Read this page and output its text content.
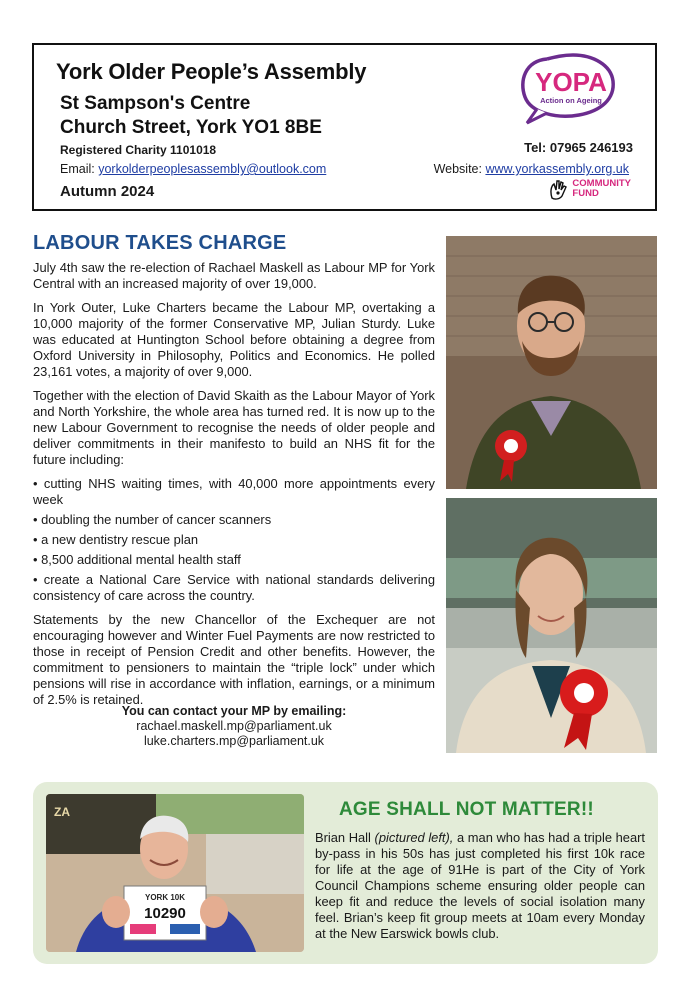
York Older People’s Assembly
St Sampson's Centre
Church Street, York YO1 8BE
Registered Charity 1101018	Tel: 07965 246193
Email: yorkolderpeoplesassembly@outlook.com	Website: www.yorkassembly.org.uk
Autumn 2024
YOPA
Action on Ageing
COMMUNITY
FUND
LABOUR TAKES CHARGE

July 4th saw the re-election of Rachael Maskell as Labour MP for York Central with an increased majority of over 19,000.

In York Outer, Luke Charters became the Labour MP, overtaking a 10,000 majority of the former Conservative MP, Julian Sturdy. Luke was educated at Huntington School before obtaining a degree from Oxford University in Philosophy, Politics and Economics. He polled 23,161 votes, a majority of over 9,000.

Together with the election of David Skaith as the Labour Mayor of York and North Yorkshire, the whole area has turned red. It is now up to the new Labour Government to recognise the needs of older people and deliver commitments in their manifesto to build an NHS fit for the future including:

• cutting NHS waiting times, with 40,000 more appointments every week
• doubling the number of cancer scanners
• a new dentistry rescue plan
• 8,500 additional mental health staff
• create a National Care Service with national standards delivering consistency of care across the country.

Statements by the new Chancellor of the Exchequer are not encouraging however and Winter Fuel Payments are now restricted to those in receipt of Pension Credit and other benefits. However, the commitment to pensioners to maintain the “triple lock” under which pensions will rise in accordance with inflation, earnings, or a minimum of 2.5% is retained.

You can contact your MP by emailing:
rachael.maskell.mp@parliament.uk
luke.charters.mp@parliament.uk
ZA
YORK 10K
10290
AGE SHALL NOT MATTER!!
Brian Hall (pictured left), a man who has had a triple heart by-pass in his 50s has just completed his first 10k race for life at the age of 91He is part of the City of York Council Champions scheme ensuring older people can keep fit and reduce the levels of social isolation many feel. Brian’s keep fit group meets at 10am every Monday at the New Earswick bowls club.
